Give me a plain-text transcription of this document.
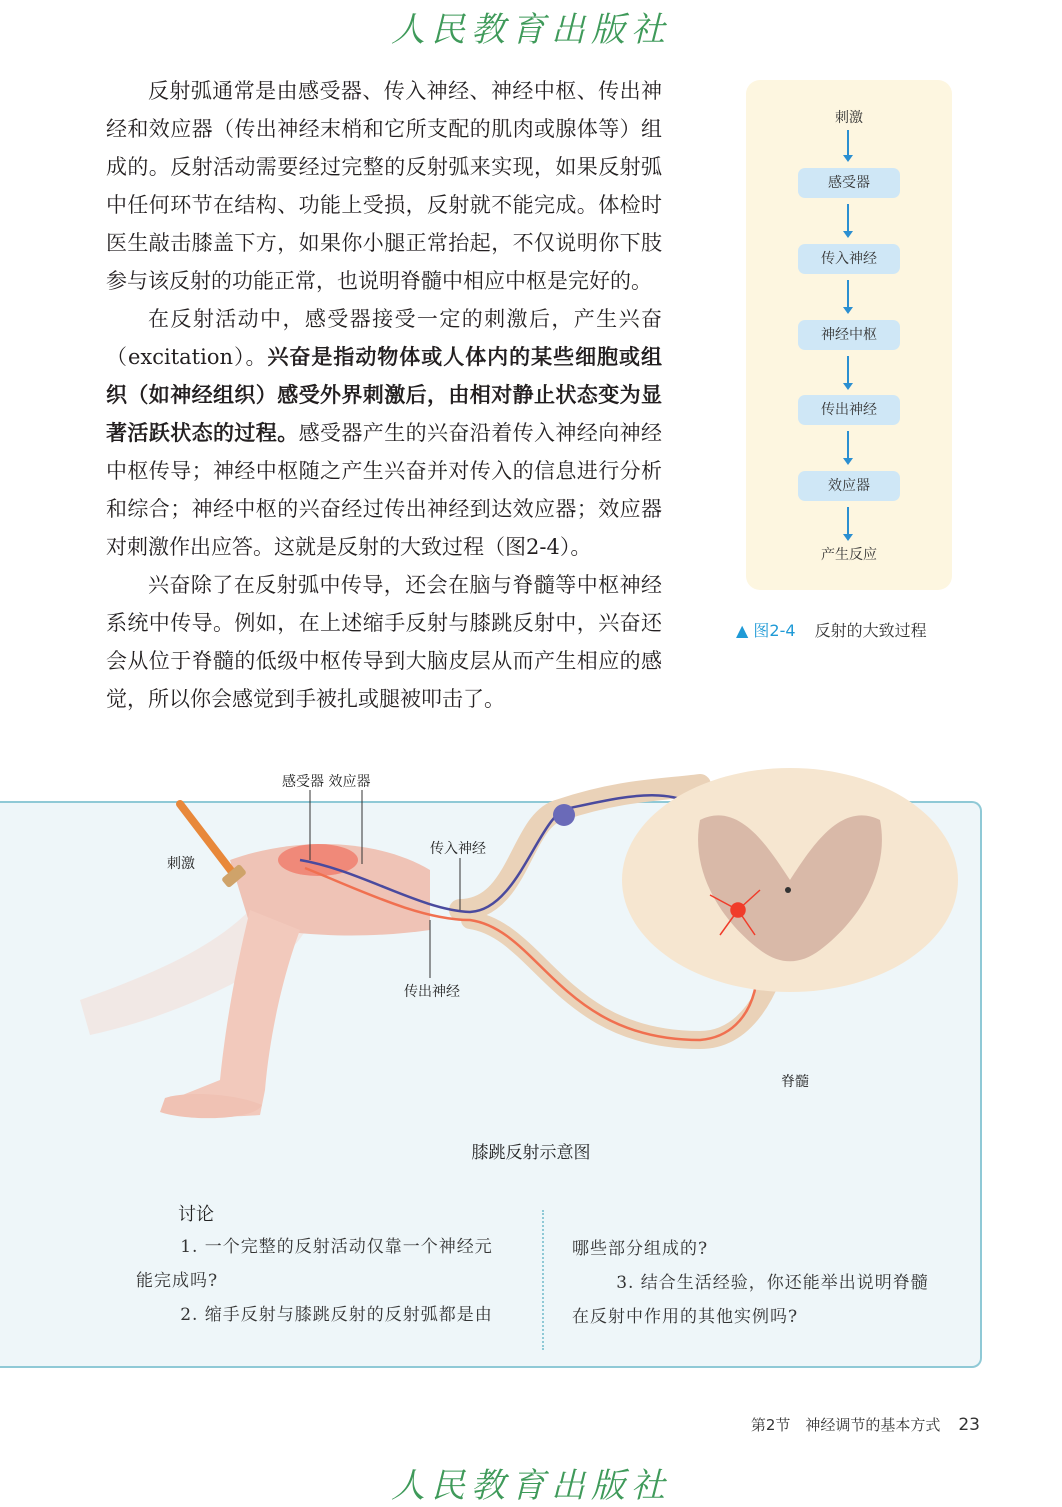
人民教育出版社

反射弧通常是由感受器、传入神经、神经中枢、传出神经和效应器（传出神经末梢和它所支配的肌肉或腺体等）组成的。反射活动需要经过完整的反射弧来实现，如果反射弧中任何环节在结构、功能上受损，反射就不能完成。体检时医生敲击膝盖下方，如果你小腿正常抬起，不仅说明你下肢参与该反射的功能正常，也说明脊髓中相应中枢是完好的。

在反射活动中，感受器接受一定的刺激后，产生兴奋（excitation）。兴奋是指动物体或人体内的某些细胞或组织（如神经组织）感受外界刺激后，由相对静止状态变为显著活跃状态的过程。感受器产生的兴奋沿着传入神经向神经中枢传导；神经中枢随之产生兴奋并对传入的信息进行分析和综合；神经中枢的兴奋经过传出神经到达效应器；效应器对刺激作出应答。这就是反射的大致过程（图2-4）。

兴奋除了在反射弧中传导，还会在脑与脊髓等中枢神经系统中传导。例如，在上述缩手反射与膝跳反射中，兴奋还会从位于脊髓的低级中枢传导到大脑皮层从而产生相应的感觉，所以你会感觉到手被扎或腿被叩击了。

刺激
感受器
传入神经
神经中枢
传出神经
效应器
产生反应
▲ 图2-4 反射的大致过程
感受器 效应器
刺激
传入神经
传出神经
脊髓
膝跳反射示意图
讨论

1. 一个完整的反射活动仅靠一个神经元

能完成吗?

2. 缩手反射与膝跳反射的反射弧都是由

哪些部分组成的?

3. 结合生活经验，你还能举出说明脊髓

在反射中作用的其他实例吗?

第2节　神经调节的基本方式 23
人民教育出版社
